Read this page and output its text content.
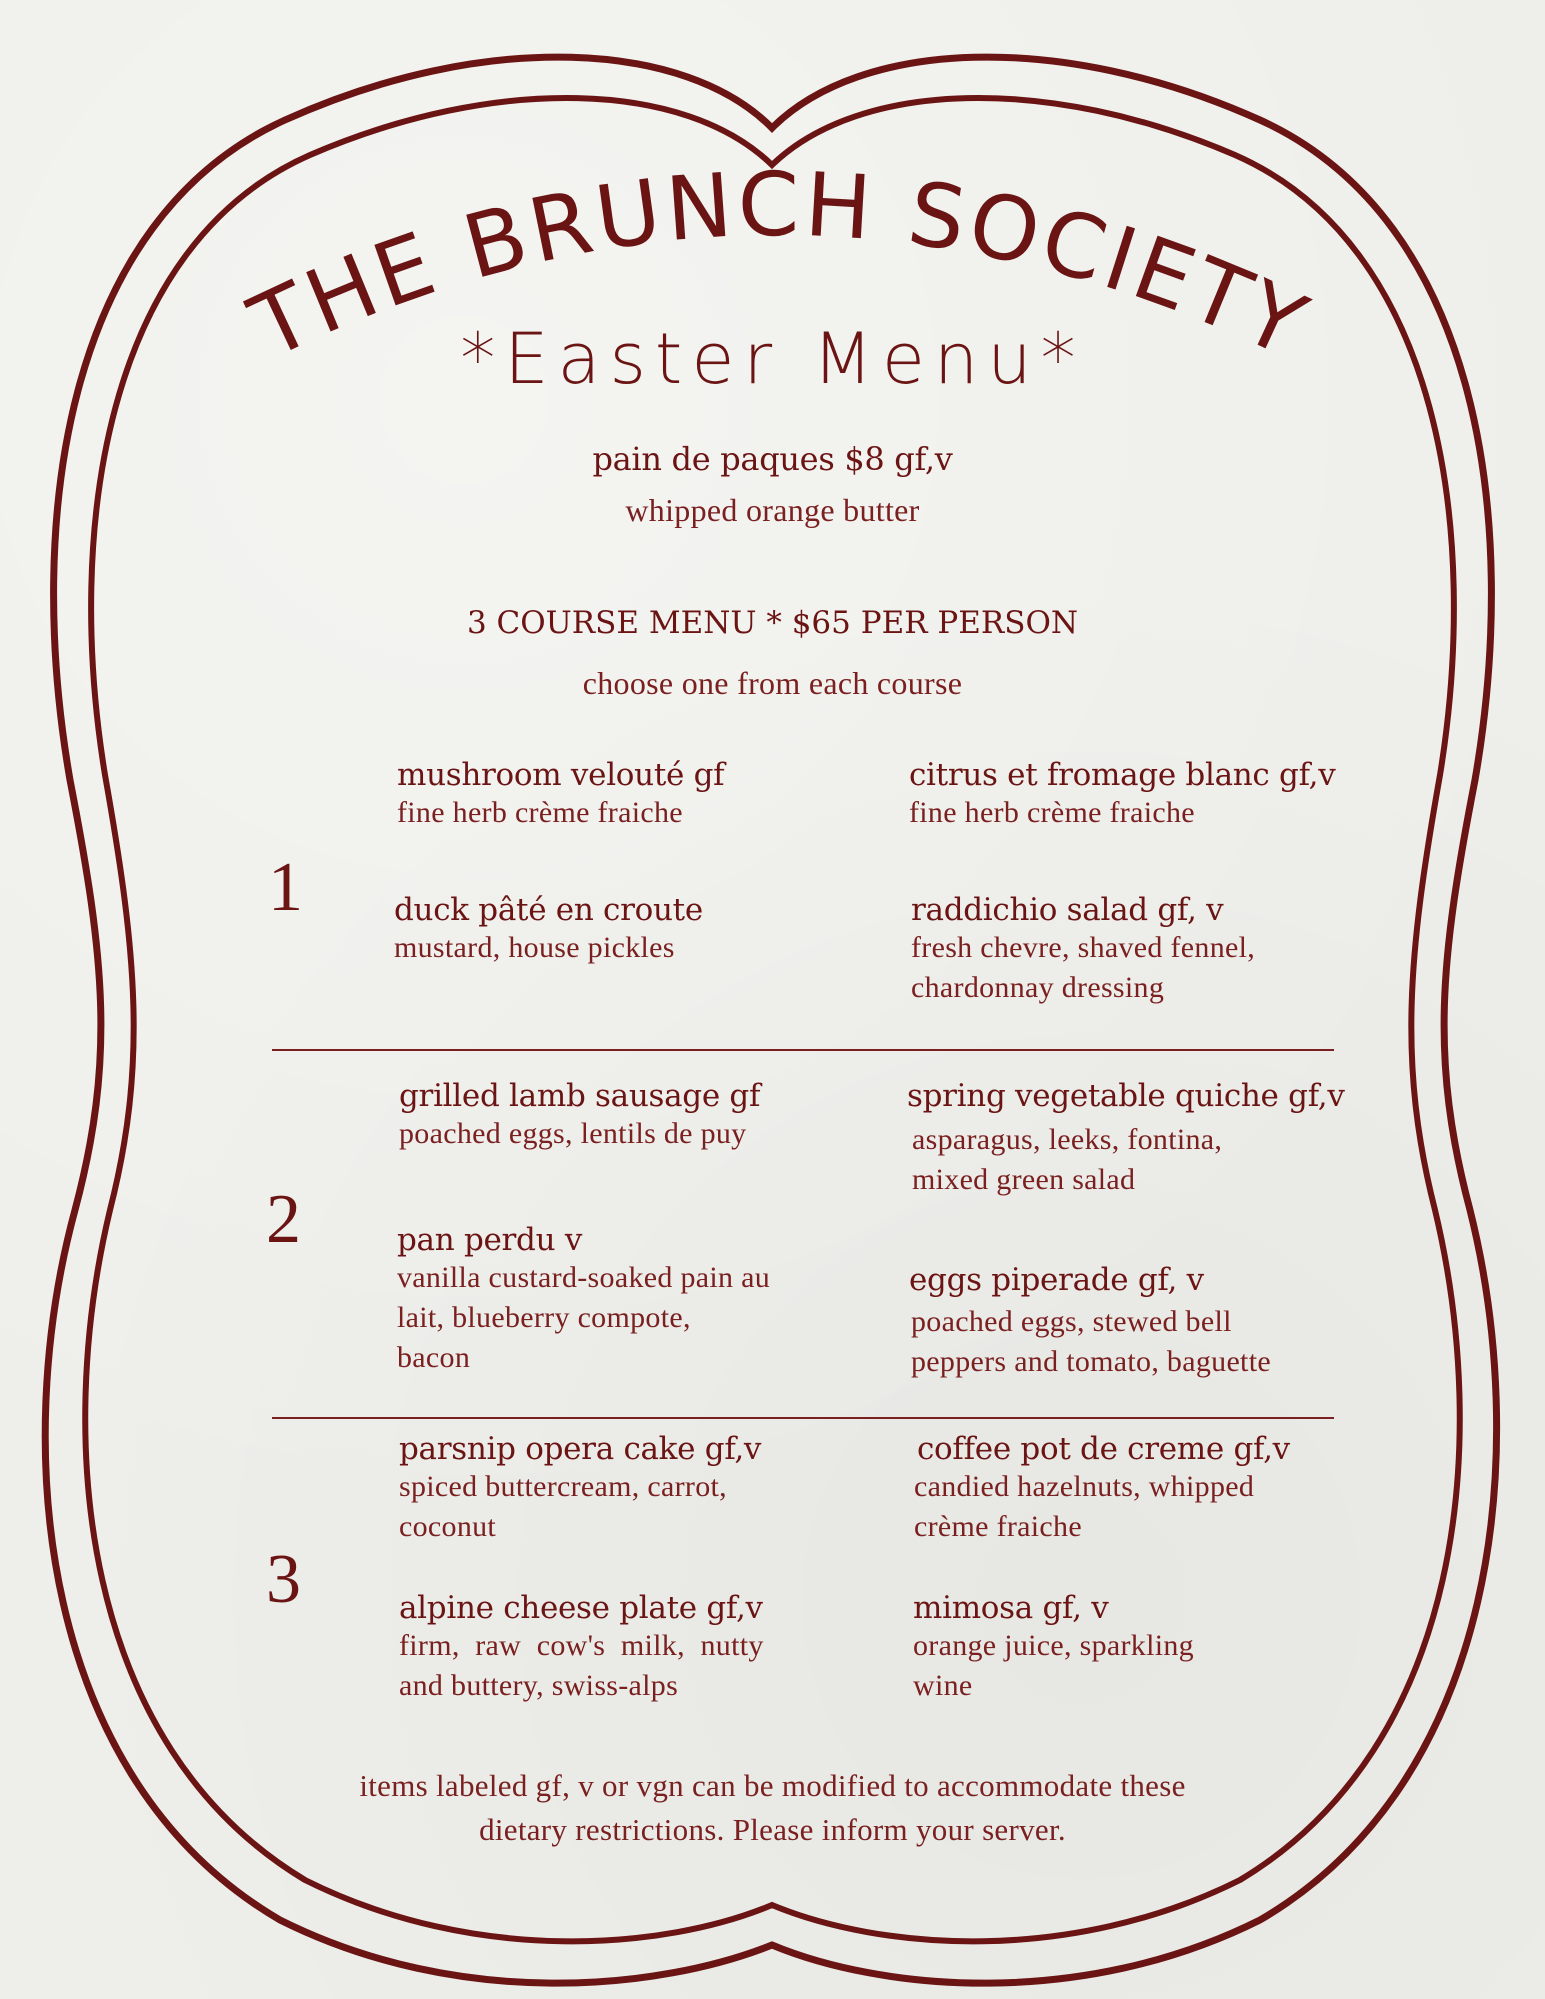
THE BRUNCH SOCIETY
*Easter Menu*
pain de paques $8 gf,v
whipped orange butter
3 COURSE MENU * $65 PER PERSON
choose one from each course
1
mushroom velouté gf
fine herb crème fraiche
citrus et fromage blanc gf,v
fine herb crème fraiche
duck pâté en croute
mustard, house pickles
raddichio salad gf, v
fresh chevre, shaved fennel,
chardonnay dressing
2
grilled lamb sausage gf
poached eggs, lentils de puy
spring vegetable quiche gf,v
asparagus, leeks, fontina,
mixed green salad
pan perdu v
vanilla custard-soaked pain au
lait, blueberry compote,
bacon
eggs piperade gf, v
poached eggs, stewed bell
peppers and tomato, baguette
3
parsnip opera cake gf,v
spiced buttercream, carrot,
coconut
coffee pot de creme gf,v
candied hazelnuts, whipped
crème fraiche
alpine cheese plate gf,v
firm,  raw  cow's  milk,  nutty
and buttery, swiss-alps
mimosa gf, v
orange juice, sparkling
wine
items labeled gf, v or vgn can be modified to accommodate these
dietary restrictions. Please inform your server.
